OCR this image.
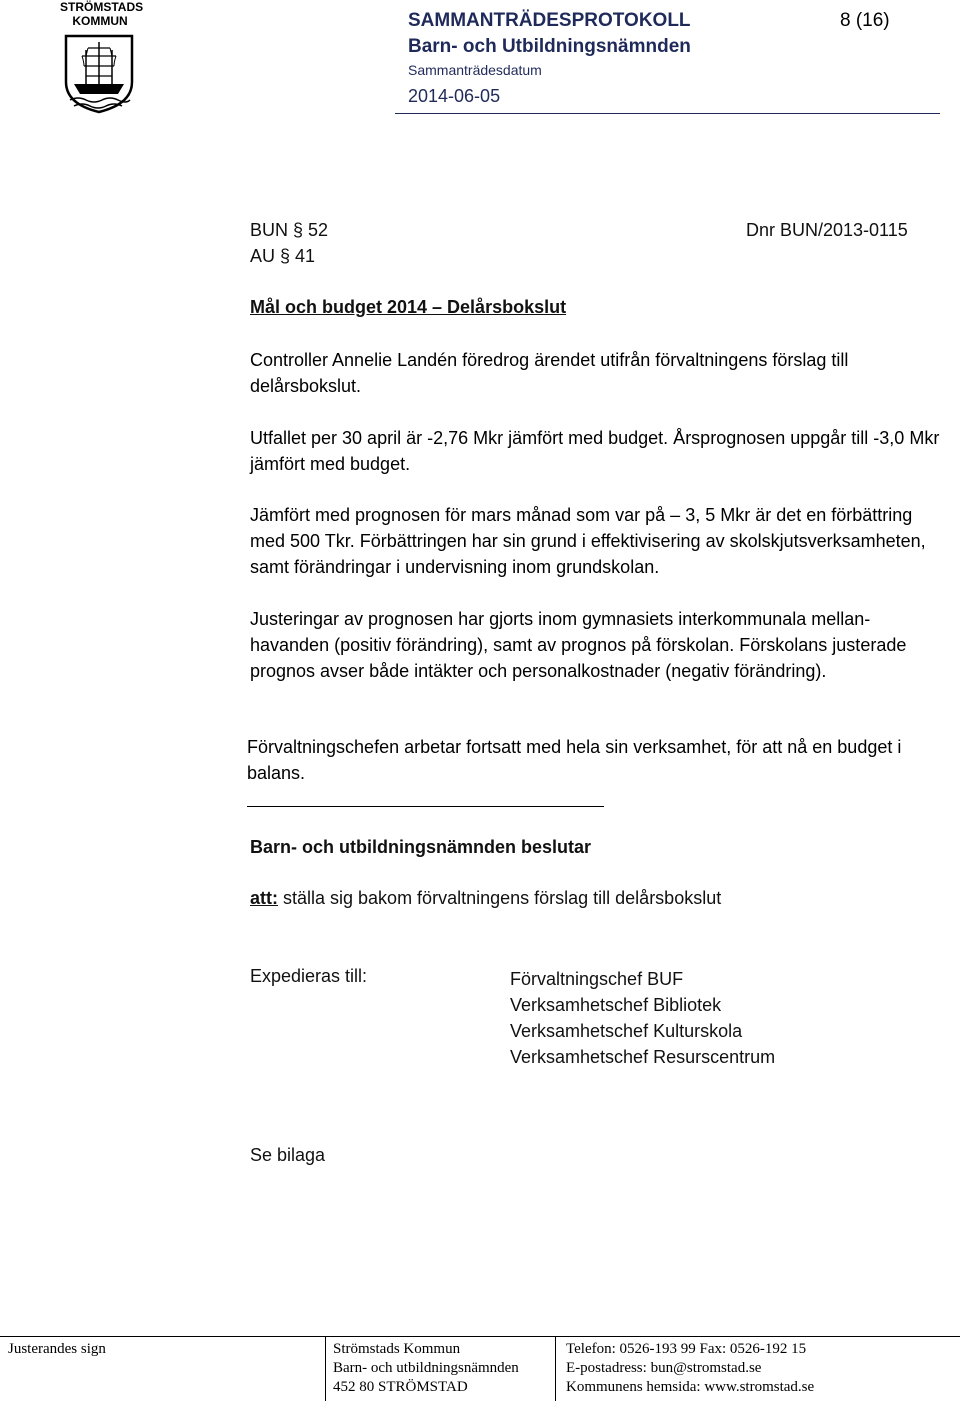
STRÖMSTADS
KOMMUN	SAMMANTRÄDESPROTOKOLL
Barn- och Utbildningsnämnden
Sammanträdesdatum
2014-06-05
8 (16)
BUN § 52
AU § 41
Dnr BUN/2013-0115
Mål och budget 2014 – Delårsbokslut

Controller Annelie Landén föredrog ärendet utifrån förvaltningens förslag till delårsbokslut.

Utfallet per 30 april är -2,76 Mkr jämfört med budget. Årsprognosen uppgår till -3,0 Mkr jämfört med budget.

Jämfört med prognosen för mars månad som var på – 3, 5 Mkr är det en förbättring med 500 Tkr. Förbättringen har sin grund i effektivisering av skolskjutsverksamheten, samt förändringar i undervisning inom grundskolan.

Justeringar av prognosen har gjorts inom gymnasiets interkommunala mellan-havanden (positiv förändring), samt av prognos på förskolan. Förskolans justerade prognos avser både intäkter och personalkostnader (negativ förändring).

Förvaltningschefen arbetar fortsatt med hela sin verksamhet, för att nå en budget i balans.

Barn- och utbildningsnämnden beslutar
att: ställa sig bakom förvaltningens förslag till delårsbokslut
Expedieras till:	Förvaltningschef BUF
Verksamhetschef Bibliotek
Verksamhetschef Kulturskola
Verksamhetschef Resurscentrum
Se bilaga
Justerandes sign	Strömstads Kommun
Barn- och utbildningsnämnden
452 80 STRÖMSTAD
Telefon: 0526-193 99 Fax: 0526-192 15
E-postadress: bun@stromstad.se
Kommunens hemsida: www.stromstad.se
